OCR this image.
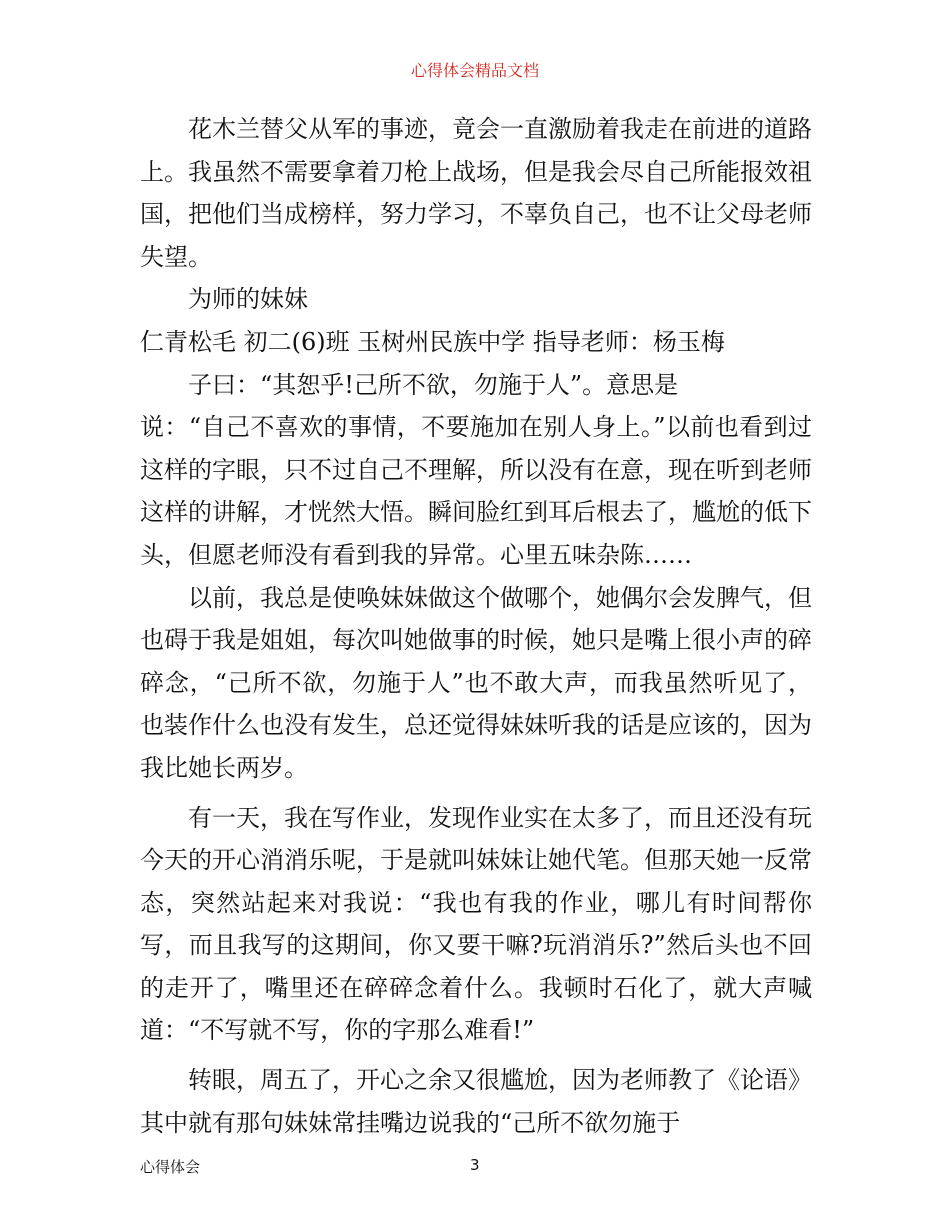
心得体会精品文档

花木兰替父从军的事迹，竟会一直激励着我走在前进的道路上。我虽然不需要拿着刀枪上战场，但是我会尽自己所能报效祖国，把他们当成榜样，努力学习，不辜负自己，也不让父母老师失望。

为师的妹妹

仁青松毛 初二(6)班 玉树州民族中学 指导老师：杨玉梅

子曰：“其恕乎!己所不欲，勿施于人”。意思是

说：“自己不喜欢的事情，不要施加在别人身上。”以前也看到过这样的字眼，只不过自己不理解，所以没有在意，现在听到老师这样的讲解，才恍然大悟。瞬间脸红到耳后根去了，尴尬的低下头，但愿老师没有看到我的异常。心里五味杂陈……

以前，我总是使唤妹妹做这个做哪个，她偶尔会发脾气，但也碍于我是姐姐，每次叫她做事的时候，她只是嘴上很小声的碎碎念，“己所不欲，勿施于人”也不敢大声，而我虽然听见了，也装作什么也没有发生，总还觉得妹妹听我的话是应该的，因为我比她长两岁。

有一天，我在写作业，发现作业实在太多了，而且还没有玩今天的开心消消乐呢，于是就叫妹妹让她代笔。但那天她一反常态，突然站起来对我说：“我也有我的作业，哪儿有时间帮你写，而且我写的这期间，你又要干嘛?玩消消乐?”然后头也不回的走开了，嘴里还在碎碎念着什么。我顿时石化了，就大声喊道：“不写就不写，你的字那么难看!”

转眼，周五了，开心之余又很尴尬，因为老师教了《论语》其中就有那句妹妹常挂嘴边说我的“己所不欲勿施于

心得体会	3
